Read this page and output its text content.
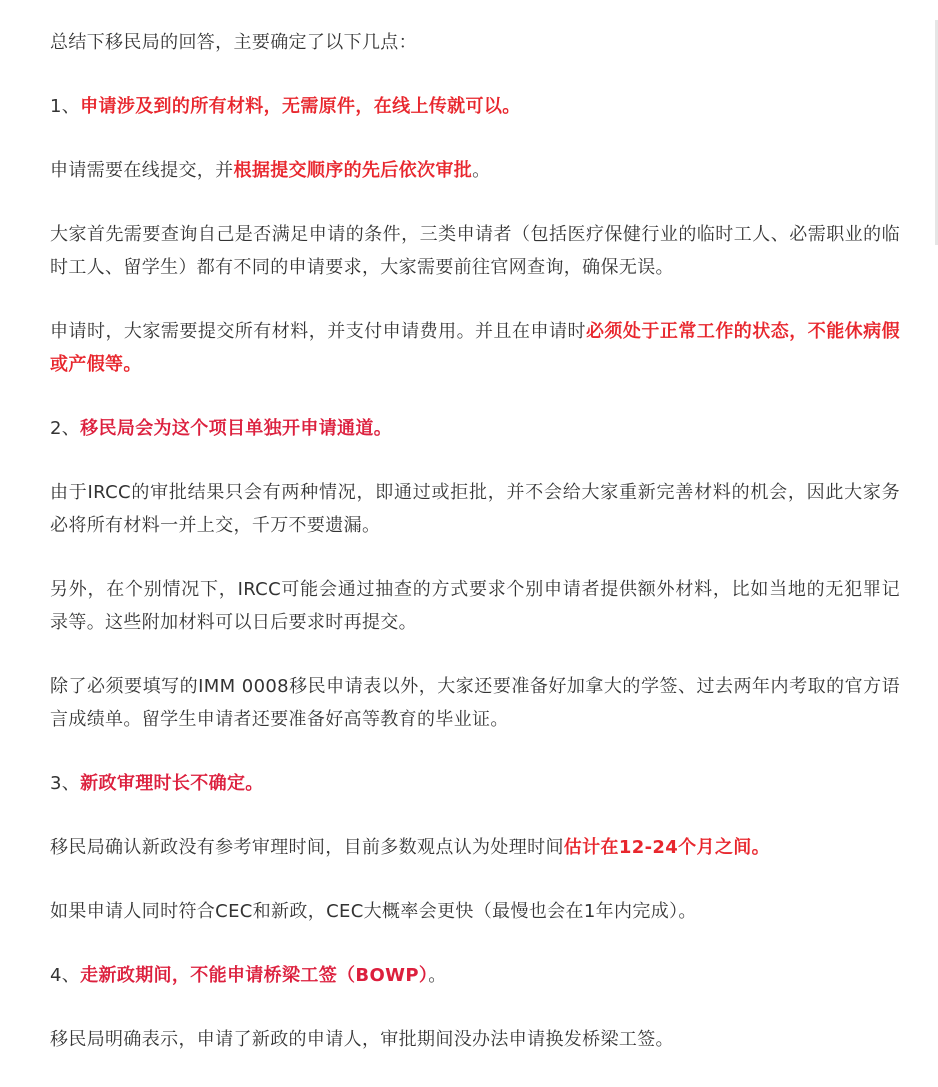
总结下移民局的回答，主要确定了以下几点：

1、申请涉及到的所有材料，无需原件，在线上传就可以。

申请需要在线提交，并根据提交顺序的先后依次审批。

大家首先需要查询自己是否满足申请的条件，三类申请者（包括医疗保健行业的临时工人、必需职业的临时工人、留学生）都有不同的申请要求，大家需要前往官网查询，确保无误。

申请时，大家需要提交所有材料，并支付申请费用。并且在申请时必须处于正常工作的状态，不能休病假或产假等。

2、移民局会为这个项目单独开申请通道。

由于IRCC的审批结果只会有两种情况，即通过或拒批，并不会给大家重新完善材料的机会，因此大家务必将所有材料一并上交，千万不要遗漏。

另外，在个别情况下，IRCC可能会通过抽查的方式要求个别申请者提供额外材料，比如当地的无犯罪记录等。这些附加材料可以日后要求时再提交。

除了必须要填写的IMM 0008移民申请表以外，大家还要准备好加拿大的学签、过去两年内考取的官方语言成绩单。留学生申请者还要准备好高等教育的毕业证。

3、新政审理时长不确定。

移民局确认新政没有参考审理时间，目前多数观点认为处理时间估计在12-24个月之间。

如果申请人同时符合CEC和新政，CEC大概率会更快（最慢也会在1年内完成）。

4、走新政期间，不能申请桥梁工签（BOWP）。

移民局明确表示，申请了新政的申请人，审批期间没办法申请换发桥梁工签。
